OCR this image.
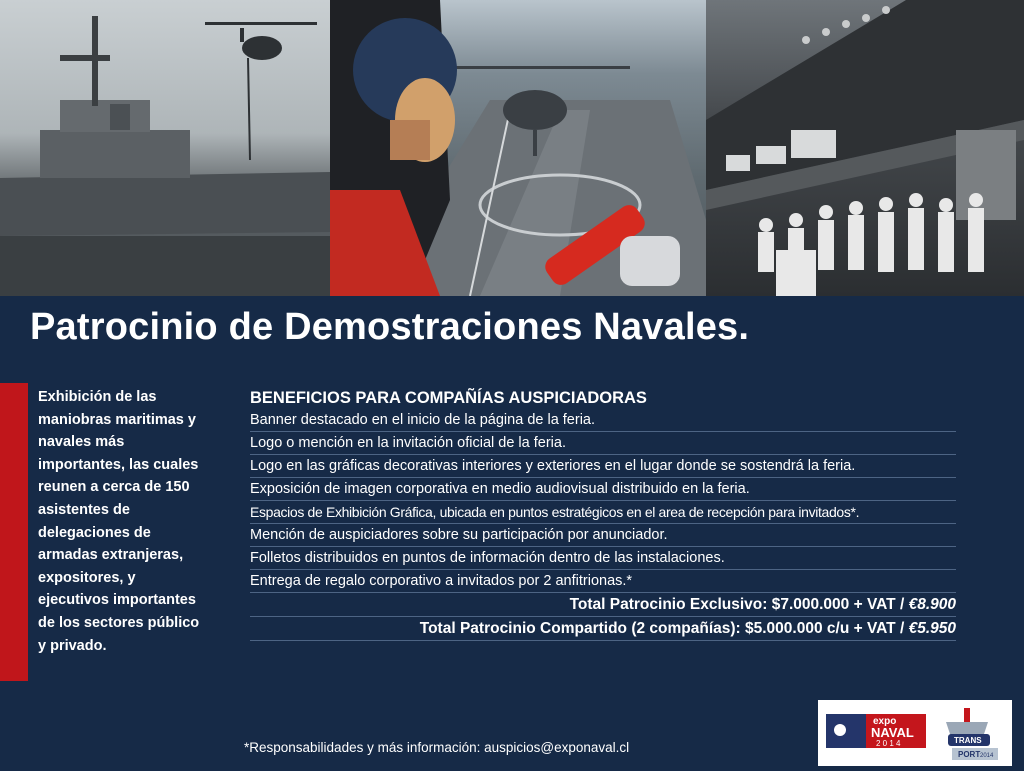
Patrocinio de Demostraciones Navales.

Exhibición de las maniobras maritimas y navales más importantes, las cuales reunen a cerca de 150 asistentes de delegaciones de armadas extranjeras, expositores, y ejecutivos importantes de los sectores público y privado.

BENEFICIOS PARA COMPAÑÍAS AUSPICIADORAS
Banner destacado en el inicio de la página de la feria.
Logo o mención en la invitación oficial de la feria.
Logo en las gráficas decorativas interiores y exteriores en el lugar donde se sostendrá la feria.
Exposición de imagen corporativa en medio audiovisual distribuido en la feria.
Espacios de Exhibición Gráfica, ubicada en puntos estratégicos en el area de recepción para invitados*.
Mención de auspiciadores sobre su participación por anunciador.
Folletos distribuidos en puntos de información dentro de las instalaciones.
Entrega de regalo corporativo a invitados por 2 anfitrionas.*
Total Patrocinio Exclusivo: $7.000.000 + VAT / €8.900
Total Patrocinio Compartido (2 compañías): $5.000.000 c/u + VAT / €5.950

*Responsabilidades y más información: auspicios@exponaval.cl

expo
NAVAL
2 0 1 4	TRANS
PORT 2014
